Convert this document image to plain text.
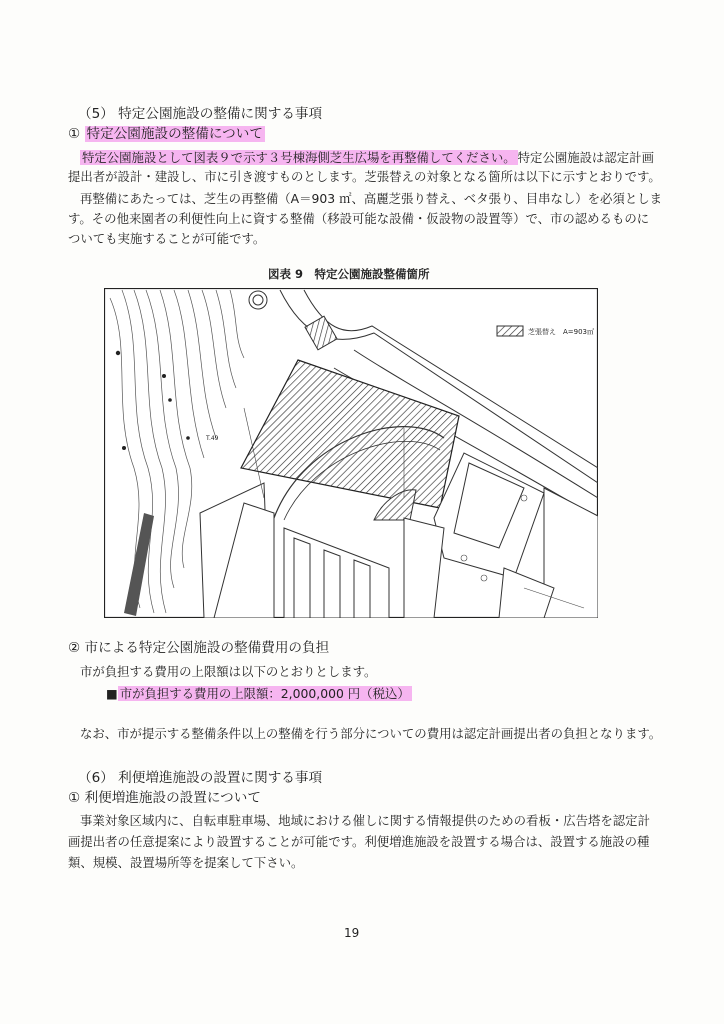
（5） 特定公園施設の整備に関する事項
① 特定公園施設の整備について
特定公園施設として図表９で示す３号棟海側芝生広場を再整備してください。 特定公園施設は認定計画
提出者が設計・建設し、市に引き渡すものとします。芝張替えの対象となる箇所は以下に示すとおりです。
再整備にあたっては、芝生の再整備（A＝903 ㎡、高麗芝張り替え、ベタ張り、目串なし）を必須としま
す。その他来園者の利便性向上に資する整備（移設可能な設備・仮設物の設置等）で、市の認めるものに
ついても実施することが可能です。
図表 9　特定公園施設整備箇所
芝張替え　A=903㎡
T.49
② 市による特定公園施設の整備費用の負担
市が負担する費用の上限額は以下のとおりとします。
■ 市が負担する費用の上限額：2,000,000 円（税込）
なお、市が提示する整備条件以上の整備を行う部分についての費用は認定計画提出者の負担となります。
（6） 利便増進施設の設置に関する事項
① 利便増進施設の設置について
事業対象区域内に、自転車駐車場、地域における催しに関する情報提供のための看板・広告塔を認定計
画提出者の任意提案により設置することが可能です。利便増進施設を設置する場合は、設置する施設の種
類、規模、設置場所等を提案して下さい。
19
